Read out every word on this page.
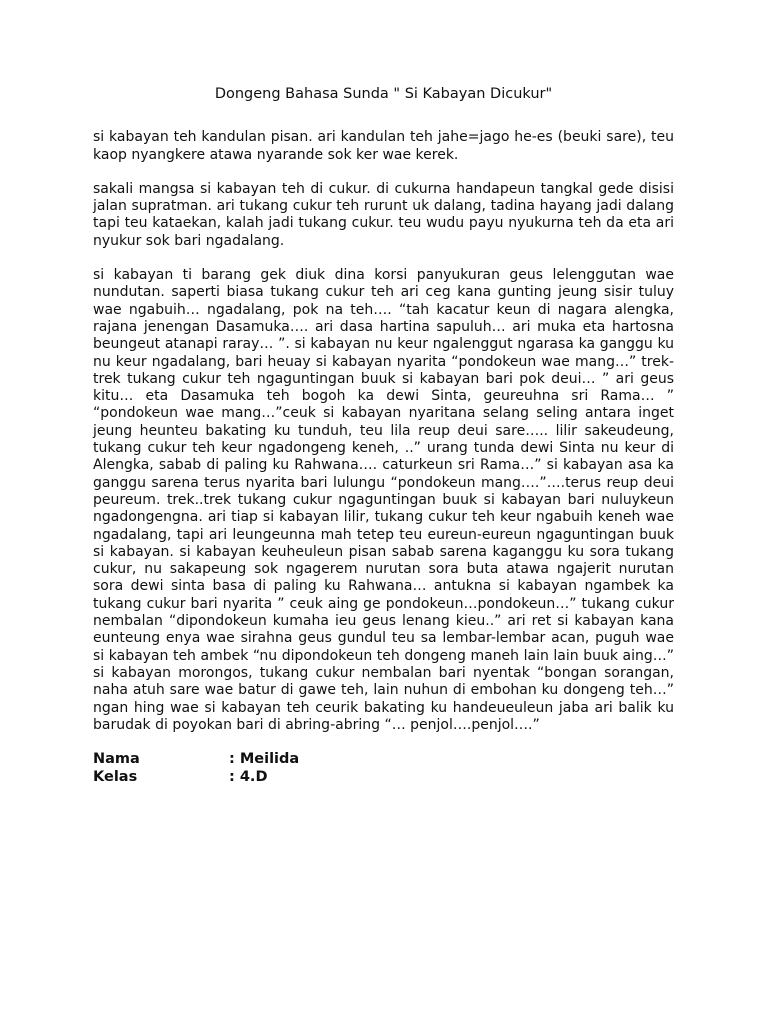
Dongeng Bahasa Sunda " Si Kabayan Dicukur"

si kabayan teh kandulan pisan. ari kandulan teh jahe=jago he-es (beuki sare), teu kaop nyangkere atawa nyarande sok ker wae kerek.

sakali mangsa si kabayan teh di cukur. di cukurna handapeun tangkal gede disisi jalan supratman. ari tukang cukur teh rurunt uk dalang, tadina hayang jadi dalang tapi teu kataekan, kalah jadi tukang cukur. teu wudu payu nyukurna teh da eta ari nyukur sok bari ngadalang.

si kabayan ti barang gek diuk dina korsi panyukuran geus lelenggutan wae nundutan. saperti biasa tukang cukur teh ari ceg kana gunting jeung sisir tuluy wae ngabuih… ngadalang, pok na teh…. “tah kacatur keun di nagara alengka, rajana jenengan Dasamuka…. ari dasa hartina sapuluh… ari muka eta hartosna beungeut atanapi raray… ”. si kabayan nu keur ngalenggut ngarasa ka ganggu ku nu keur ngadalang, bari heuay si kabayan nyarita “pondokeun wae mang…” trek-trek tukang cukur teh ngaguntingan buuk si kabayan bari pok deui… ” ari geus kitu… eta Dasamuka teh bogoh ka dewi Sinta, geureuhna sri Rama… ” “pondokeun wae mang…”ceuk si kabayan nyaritana selang seling antara inget jeung heunteu bakating ku tunduh, teu lila reup deui sare….. lilir sakeudeung, tukang cukur teh keur ngadongeng keneh, ..” urang tunda dewi Sinta nu keur di Alengka, sabab di paling ku Rahwana…. caturkeun sri Rama…” si kabayan asa ka ganggu sarena terus nyarita bari lulungu “pondokeun mang….”….terus reup deui peureum. trek..trek tukang cukur ngaguntingan buuk si kabayan bari nuluykeun ngadongengna. ari tiap si kabayan lilir, tukang cukur teh keur ngabuih keneh wae ngadalang, tapi ari leungeunna mah tetep teu eureun-eureun ngaguntingan buuk si kabayan. si kabayan keuheuleun pisan sabab sarena kaganggu ku sora tukang cukur, nu sakapeung sok ngagerem nurutan sora buta atawa ngajerit nurutan sora dewi sinta basa di paling ku Rahwana… antukna si kabayan ngambek ka tukang cukur bari nyarita ” ceuk aing ge pondokeun…pondokeun…” tukang cukur nembalan “dipondokeun kumaha ieu geus lenang kieu..” ari ret si kabayan kana eunteung enya wae sirahna geus gundul teu sa lembar-lembar acan, puguh wae si kabayan teh ambek “nu dipondokeun teh dongeng maneh lain lain buuk aing…” si kabayan morongos, tukang cukur nembalan bari nyentak “bongan sorangan, naha atuh sare wae batur di gawe teh, lain nuhun di embohan ku dongeng teh…” ngan hing wae si kabayan teh ceurik bakating ku handeueuleun jaba ari balik ku barudak di poyokan bari di abring-abring “… penjol….penjol….”

Nama	: Meilida
Kelas	: 4.D
